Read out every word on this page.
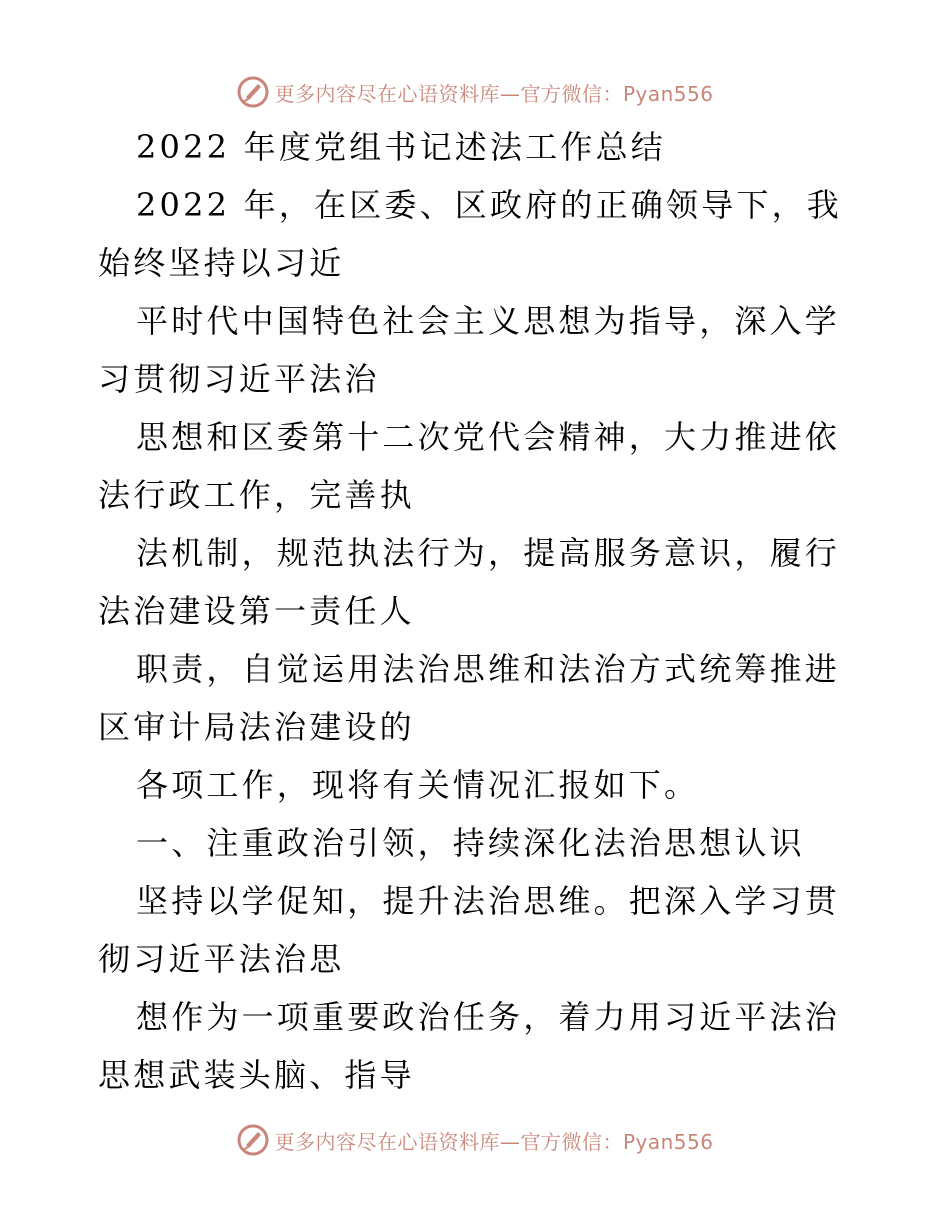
更多内容尽在心语资料库—官方微信：Pyan556

2022 年度党组书记述法工作总结

2022 年，在区委、区政府的正确领导下，我始终坚持以习近

平时代中国特色社会主义思想为指导，深入学习贯彻习近平法治

思想和区委第十二次党代会精神，大力推进依法行政工作，完善执

法机制，规范执法行为，提高服务意识，履行法治建设第一责任人

职责，自觉运用法治思维和法治方式统筹推进区审计局法治建设的

各项工作，现将有关情况汇报如下。

一、注重政治引领，持续深化法治思想认识

坚持以学促知，提升法治思维。把深入学习贯彻习近平法治思

想作为一项重要政治任务，着力用习近平法治思想武装头脑、指导

更多内容尽在心语资料库—官方微信：Pyan556
